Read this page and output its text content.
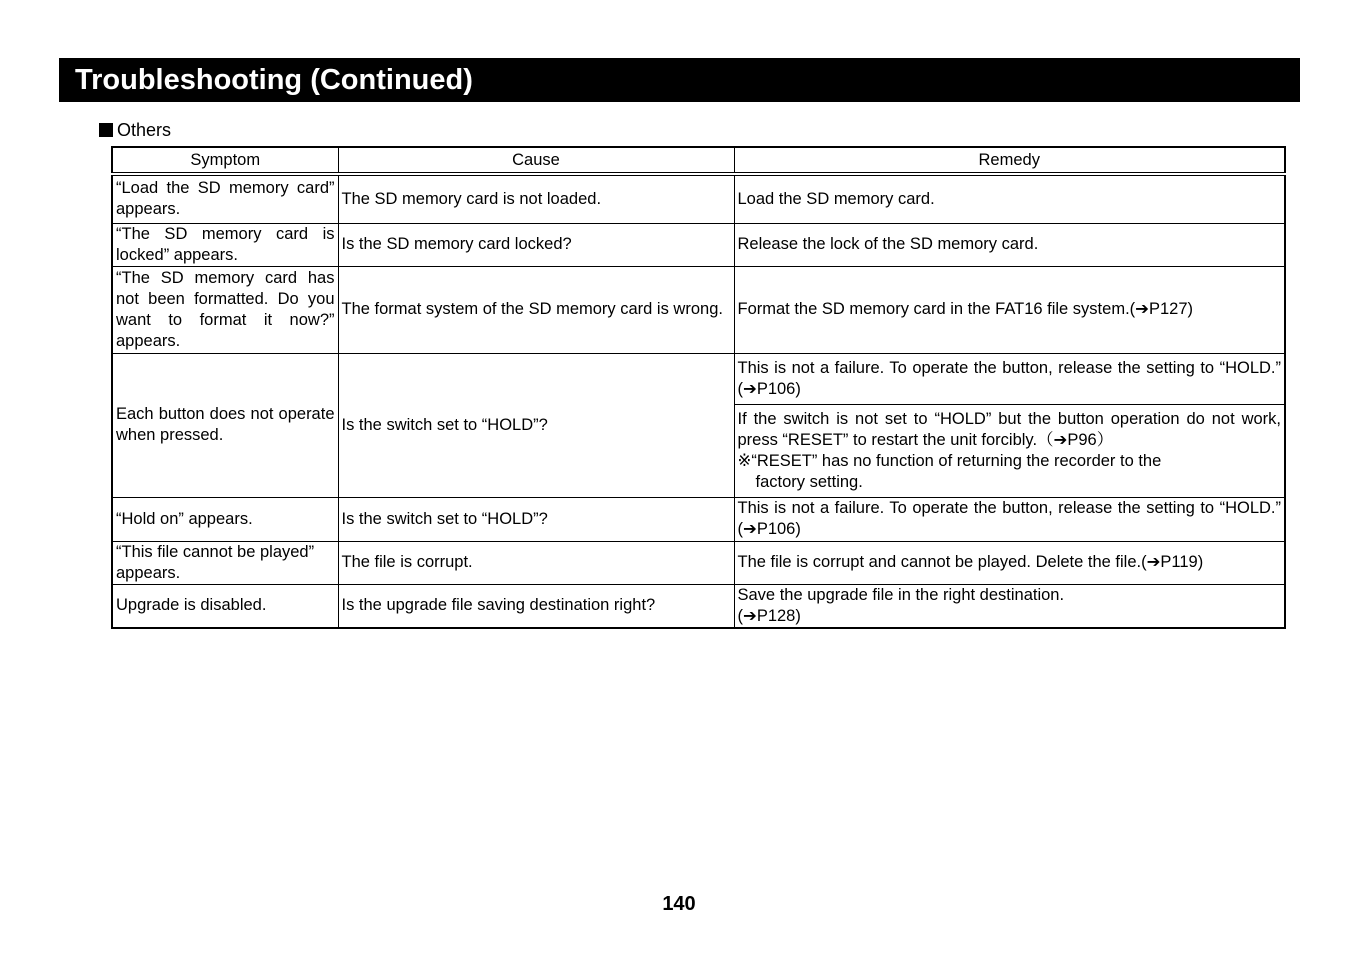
Troubleshooting (Continued)
Others
Symptom	Cause	Remedy
“Load the SD memory card” appears.	The SD memory card is not loaded.	Load the SD memory card.
“The SD memory card is locked” appears.	Is the SD memory card locked?	Release the lock of the SD memory card.
“The SD memory card has not been formatted. Do you want to format it now?” appears.	The format system of the SD memory card is wrong.	Format the SD memory card in the FAT16 file system.(➔P127)
Each button does not operate when pressed.	Is the switch set to “HOLD”?	This is not a failure. To operate the button, release the setting to “HOLD.” (➔P106)
		If the switch is not set to “HOLD” but the button operation do not work, press “RESET” to restart the unit forcibly.（➔P96）
※“RESET” has no function of returning the recorder to the
factory setting.

“Hold on” appears.	Is the switch set to “HOLD”?	This is not a failure. To operate the button, release the setting to “HOLD.” (➔P106)
“This file cannot be played” appears.	The file is corrupt.	The file is corrupt and cannot be played. Delete the file.(➔P119)
Upgrade is disabled.	Is the upgrade file saving destination right?	Save the upgrade file in the right destination.
(➔P128)
140
